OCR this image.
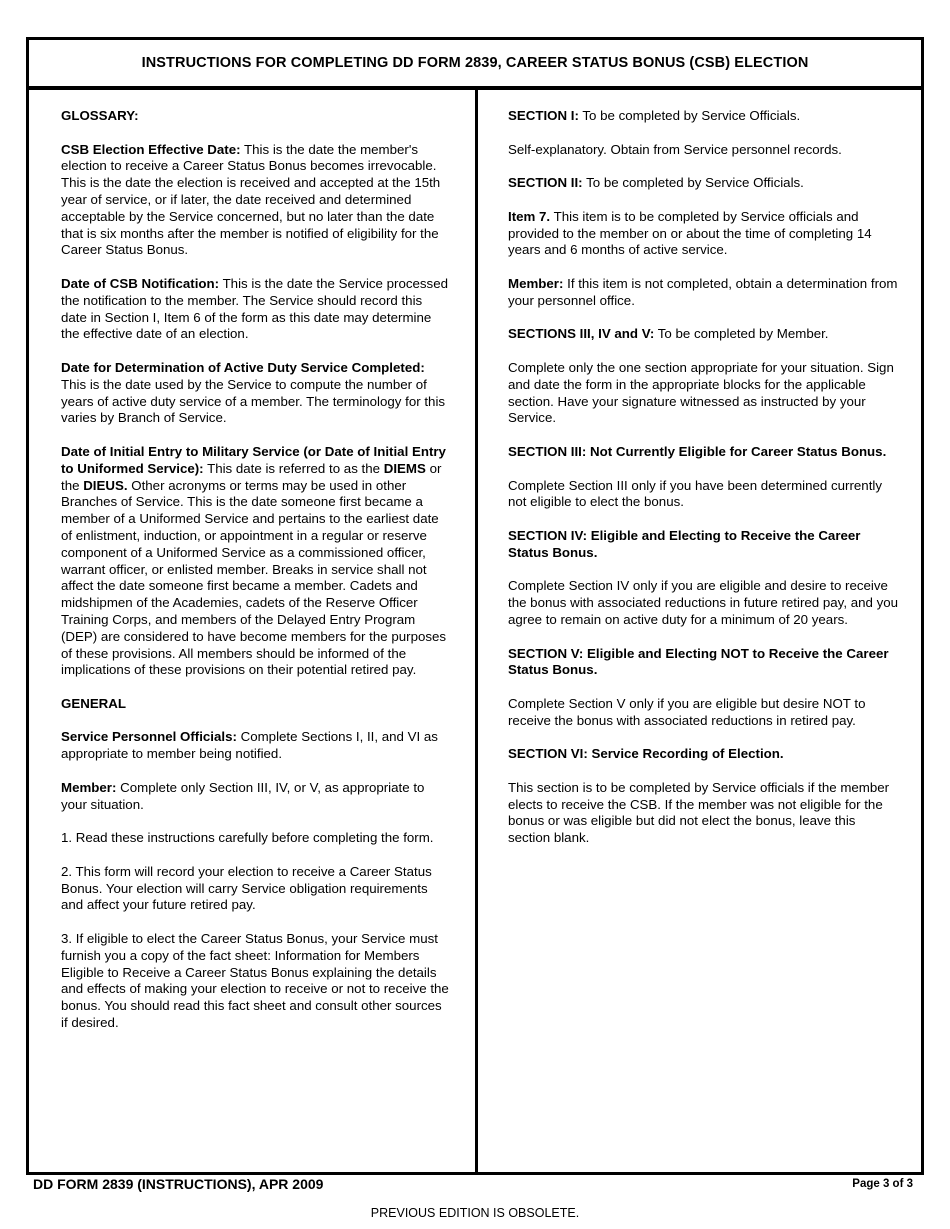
INSTRUCTIONS FOR COMPLETING DD FORM 2839, CAREER STATUS BONUS (CSB) ELECTION
GLOSSARY:

CSB Election Effective Date: This is the date the member's election to receive a Career Status Bonus becomes irrevocable. This is the date the election is received and accepted at the 15th year of service, or if later, the date received and determined acceptable by the Service concerned, but no later than the date that is six months after the member is notified of eligibility for the Career Status Bonus.

Date of CSB Notification: This is the date the Service processed the notification to the member. The Service should record this date in Section I, Item 6 of the form as this date may determine the effective date of an election.

Date for Determination of Active Duty Service Completed: This is the date used by the Service to compute the number of years of active duty service of a member. The terminology for this varies by Branch of Service.

Date of Initial Entry to Military Service (or Date of Initial Entry to Uniformed Service): This date is referred to as the DIEMS or the DIEUS. Other acronyms or terms may be used in other Branches of Service. This is the date someone first became a member of a Uniformed Service and pertains to the earliest date of enlistment, induction, or appointment in a regular or reserve component of a Uniformed Service as a commissioned officer, warrant officer, or enlisted member. Breaks in service shall not affect the date someone first became a member. Cadets and midshipmen of the Academies, cadets of the Reserve Officer Training Corps, and members of the Delayed Entry Program (DEP) are considered to have become members for the purposes of these provisions. All members should be informed of the implications of these provisions on their potential retired pay.

GENERAL

Service Personnel Officials: Complete Sections I, II, and VI as appropriate to member being notified.

Member: Complete only Section III, IV, or V, as appropriate to your situation.

1. Read these instructions carefully before completing the form.

2. This form will record your election to receive a Career Status Bonus. Your election will carry Service obligation requirements and affect your future retired pay.

3. If eligible to elect the Career Status Bonus, your Service must furnish you a copy of the fact sheet: Information for Members Eligible to Receive a Career Status Bonus explaining the details and effects of making your election to receive or not to receive the bonus. You should read this fact sheet and consult other sources if desired.

SECTION I: To be completed by Service Officials.

Self-explanatory. Obtain from Service personnel records.

SECTION II: To be completed by Service Officials.

Item 7. This item is to be completed by Service officials and provided to the member on or about the time of completing 14 years and 6 months of active service.

Member: If this item is not completed, obtain a determination from your personnel office.

SECTIONS III, IV and V: To be completed by Member.

Complete only the one section appropriate for your situation. Sign and date the form in the appropriate blocks for the applicable section. Have your signature witnessed as instructed by your Service.

SECTION III: Not Currently Eligible for Career Status Bonus.

Complete Section III only if you have been determined currently not eligible to elect the bonus.

SECTION IV: Eligible and Electing to Receive the Career Status Bonus.

Complete Section IV only if you are eligible and desire to receive the bonus with associated reductions in future retired pay, and you agree to remain on active duty for a minimum of 20 years.

SECTION V: Eligible and Electing NOT to Receive the Career Status Bonus.

Complete Section V only if you are eligible but desire NOT to receive the bonus with associated reductions in retired pay.

SECTION VI: Service Recording of Election.

This section is to be completed by Service officials if the member elects to receive the CSB. If the member was not eligible for the bonus or was eligible but did not elect the bonus, leave this section blank.

DD FORM 2839 (INSTRUCTIONS), APR 2009	Page 3 of 3
PREVIOUS EDITION IS OBSOLETE.
